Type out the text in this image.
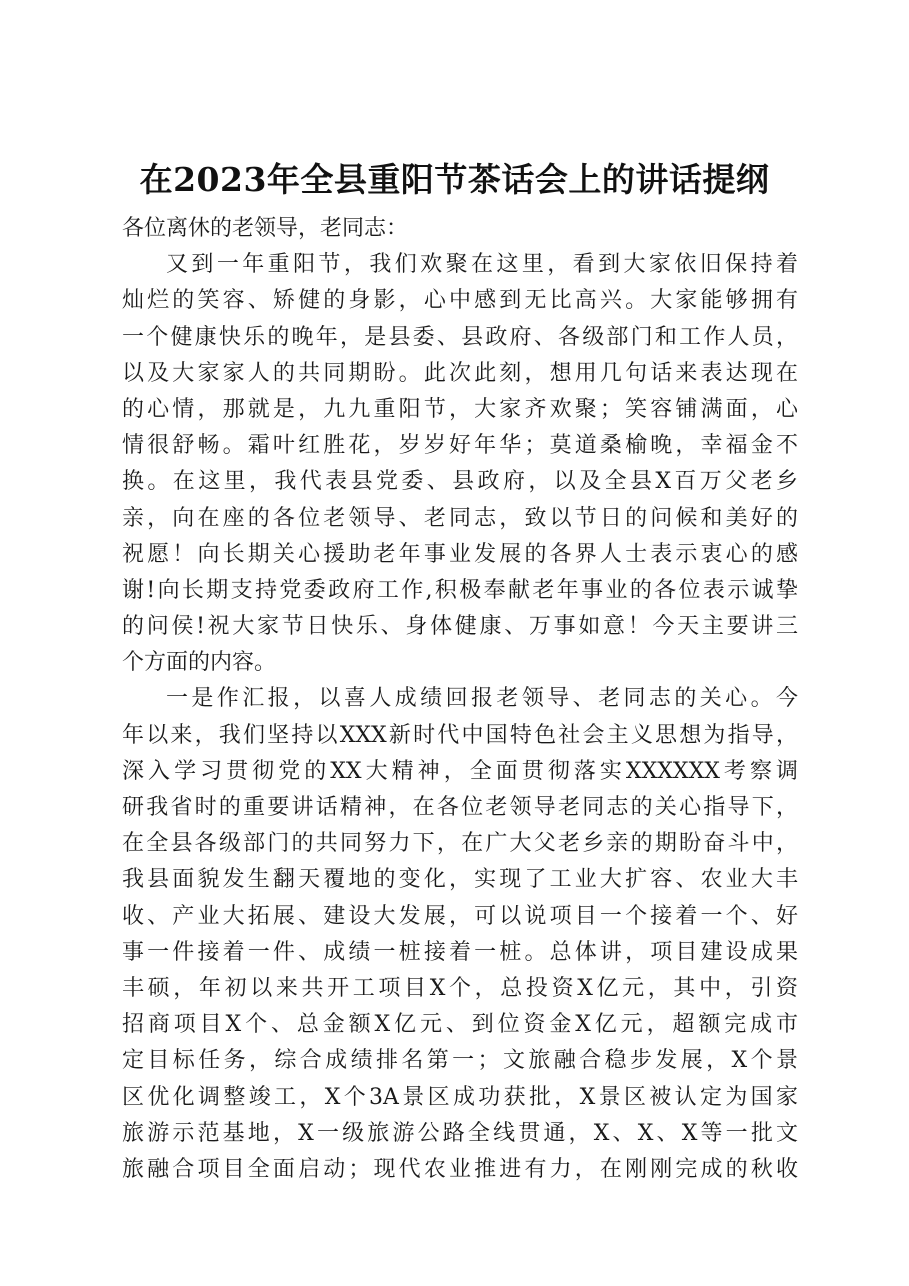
在2023年全县重阳节茶话会上的讲话提纲
各位离休的老领导，老同志：
又到一年重阳节，我们欢聚在这里，看到大家依旧保持着
灿烂的笑容、矫健的身影，心中感到无比高兴。大家能够拥有
一个健康快乐的晚年，是县委、县政府、各级部门和工作人员，
以及大家家人的共同期盼。此次此刻，想用几句话来表达现在
的心情，那就是，九九重阳节，大家齐欢聚；笑容铺满面，心
情很舒畅。霜叶红胜花，岁岁好年华；莫道桑榆晚，幸福金不
换。在这里，我代表县党委、县政府，以及全县X百万父老乡
亲，向在座的各位老领导、老同志，致以节日的问候和美好的
祝愿！向长期关心援助老年事业发展的各界人士表示衷心的感
谢!向长期支持党委政府工作,积极奉献老年事业的各位表示诚挚
的问侯!祝大家节日快乐、身体健康、万事如意！今天主要讲三
个方面的内容。
一是作汇报，以喜人成绩回报老领导、老同志的关心。今
年以来，我们坚持以XXX新时代中国特色社会主义思想为指导，
深入学习贯彻党的XX大精神，全面贯彻落实XXXXXX考察调
研我省时的重要讲话精神，在各位老领导老同志的关心指导下，
在全县各级部门的共同努力下，在广大父老乡亲的期盼奋斗中，
我县面貌发生翻天覆地的变化，实现了工业大扩容、农业大丰
收、产业大拓展、建设大发展，可以说项目一个接着一个、好
事一件接着一件、成绩一桩接着一桩。总体讲，项目建设成果
丰硕，年初以来共开工项目X个，总投资X亿元，其中，引资
招商项目X个、总金额X亿元、到位资金X亿元，超额完成市
定目标任务，综合成绩排名第一；文旅融合稳步发展，X个景
区优化调整竣工，X个3A景区成功获批，X景区被认定为国家
旅游示范基地，X一级旅游公路全线贯通，X、X、X等一批文
旅融合项目全面启动；现代农业推进有力，在刚刚完成的秋收
